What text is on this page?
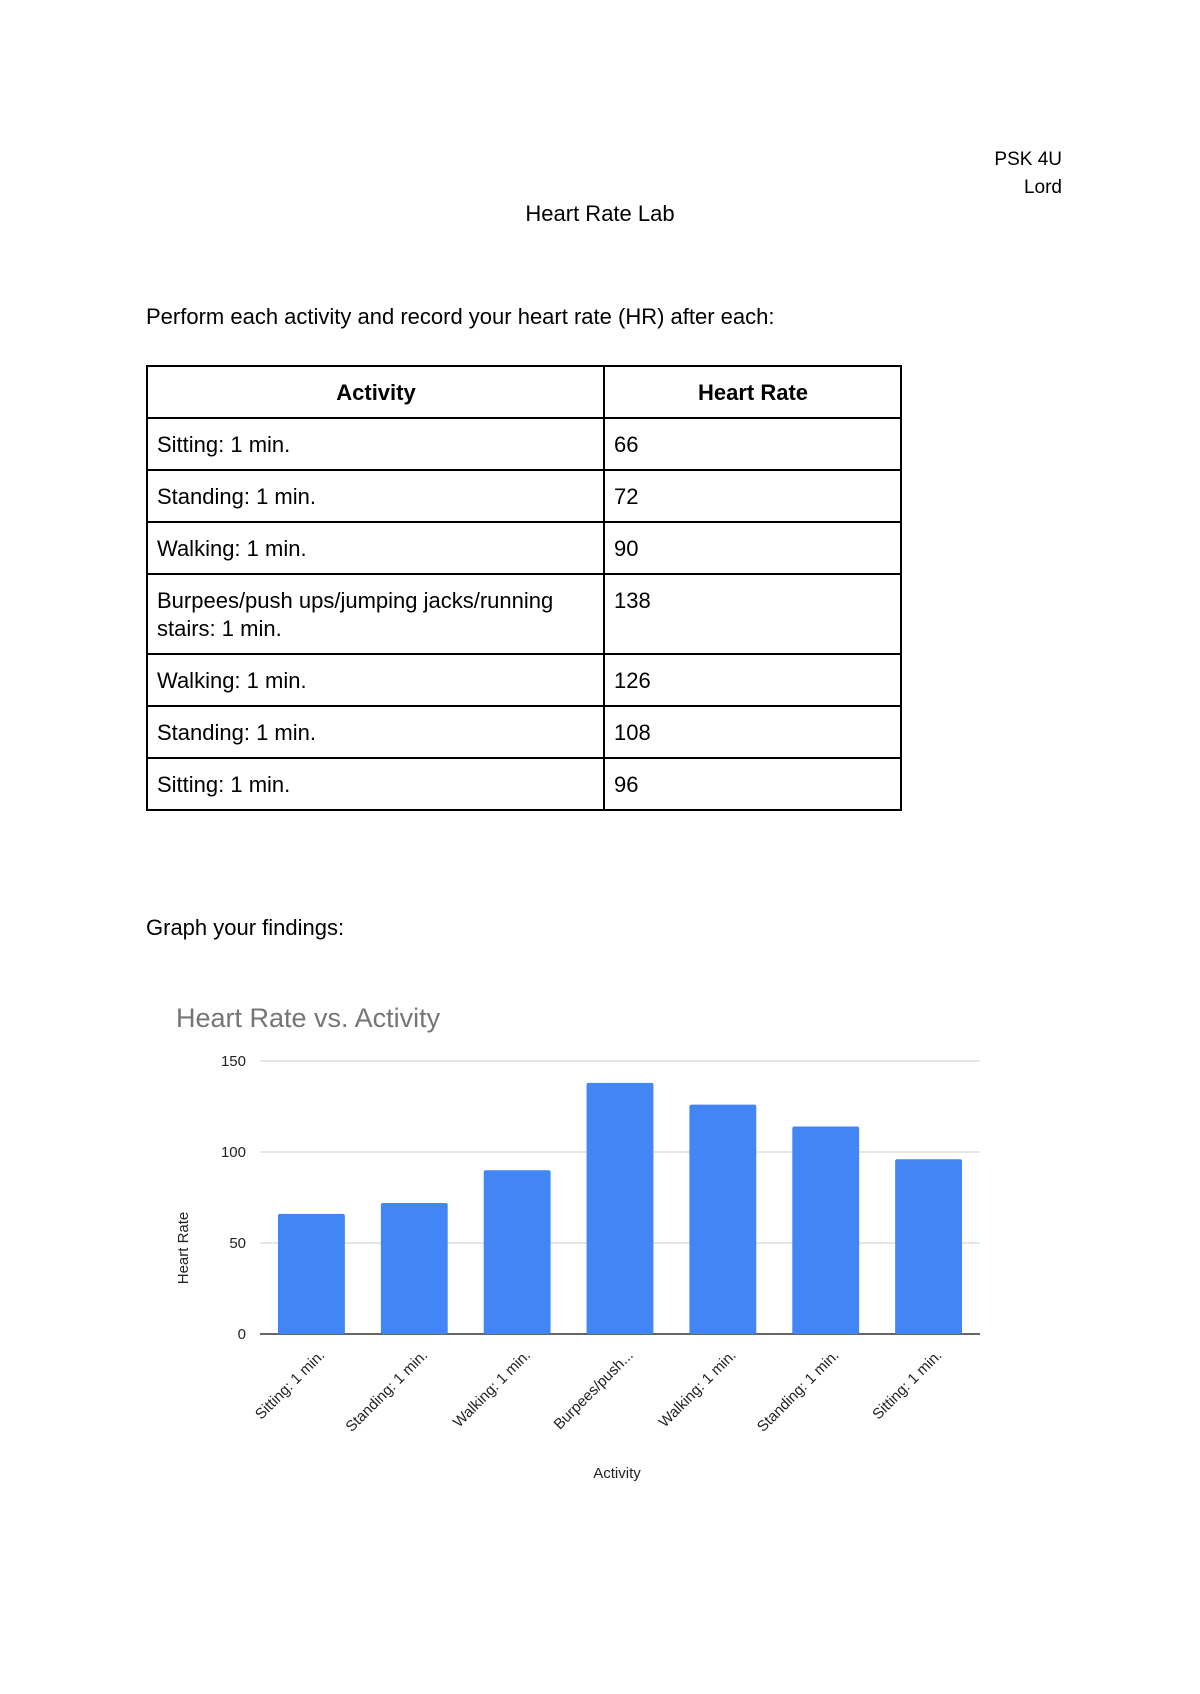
PSK 4U
Lord
Heart Rate Lab
Perform each activity and record your heart rate (HR) after each:
Activity	Heart Rate
Sitting: 1 min.	66
Standing: 1 min.	72
Walking: 1 min.	90
Burpees/push ups/jumping jacks/running stairs: 1 min.	138
Walking: 1 min.	126
Standing: 1 min.	108
Sitting: 1 min.	96
Graph your findings:
0
50
100
150
Sitting: 1 min. Standing: 1 min. Walking: 1 min. Burpees/push... Walking: 1 min. Standing: 1 min. Sitting: 1 min.
Heart Rate vs. Activity
Heart Rate
Activity
